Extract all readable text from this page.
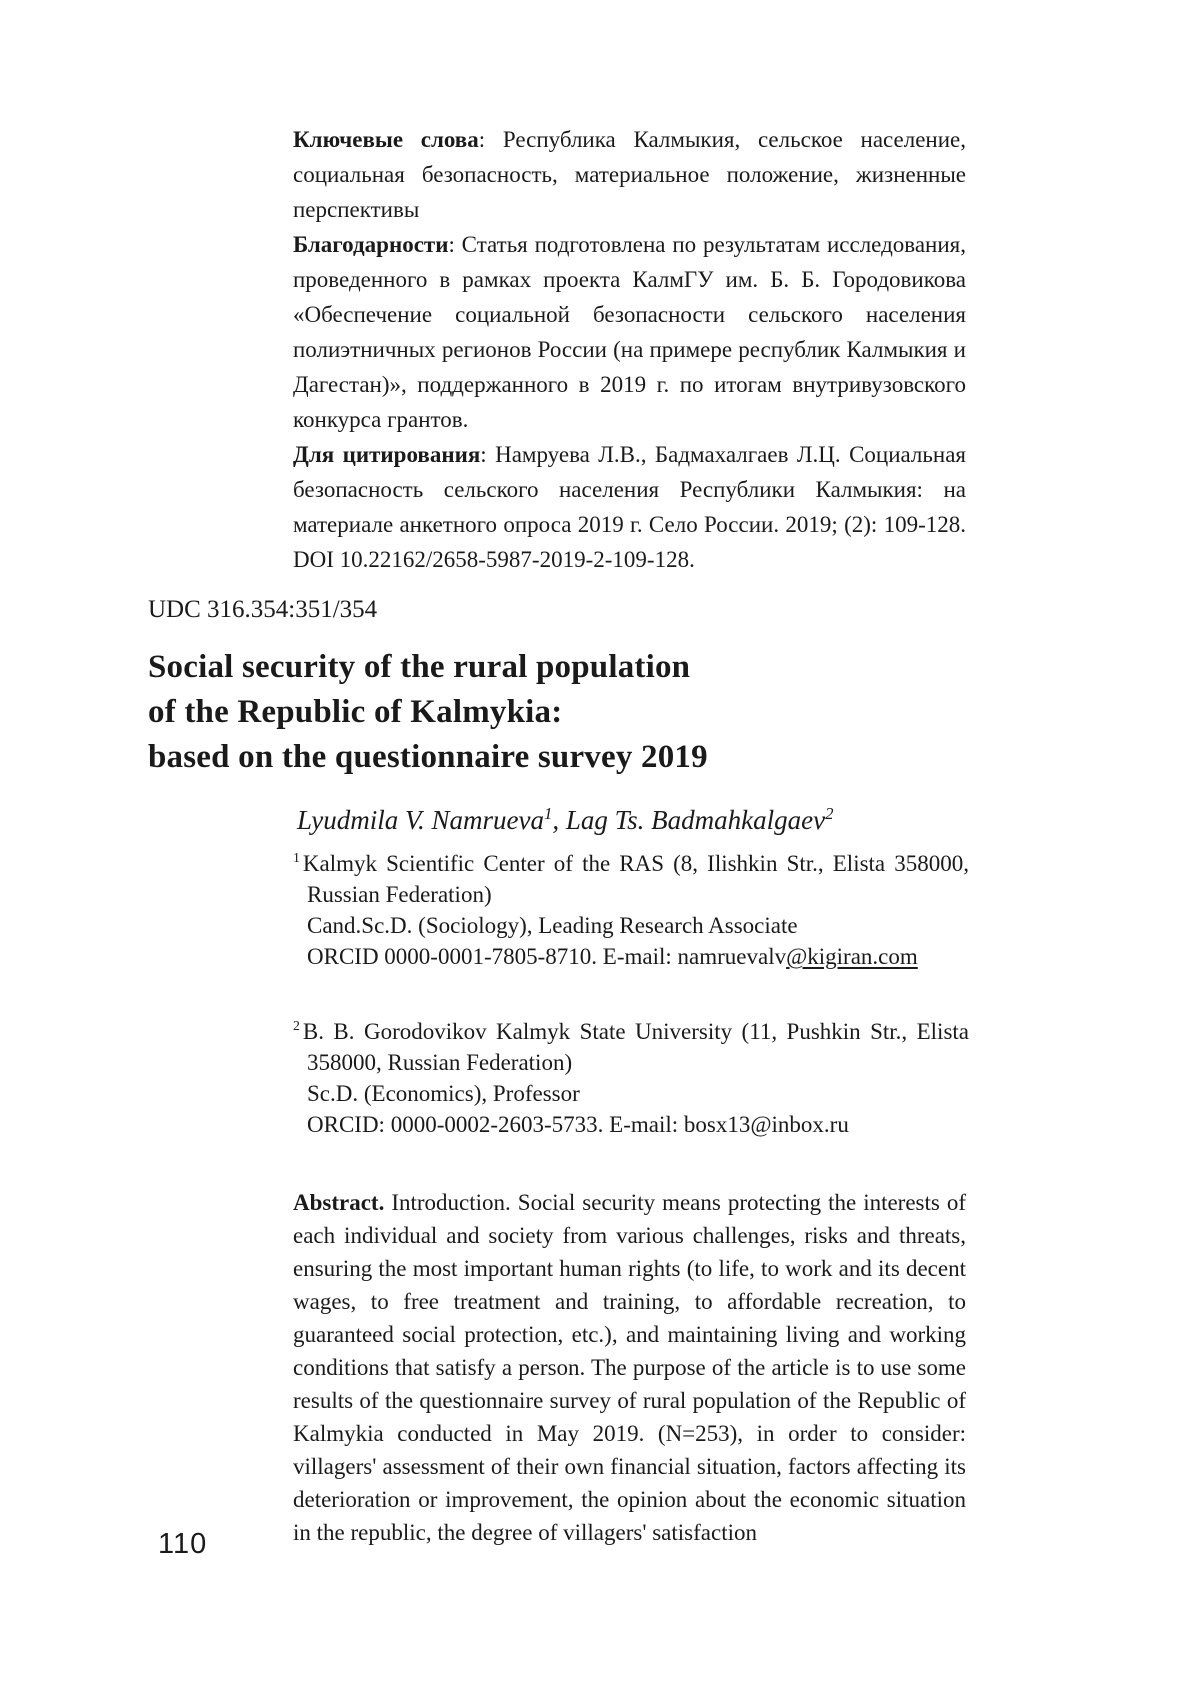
Ключевые слова: Республика Калмыкия, сельское население, социальная безопасность, материальное положение, жизненные перспективы

Благодарности: Статья подготовлена по результатам исследования, проведенного в рамках проекта КалмГУ им. Б. Б. Городовикова «Обеспечение социальной безопасности сельского населения полиэтничных регионов России (на примере республик Калмыкия и Дагестан)», поддержанного в 2019 г. по итогам внутривузовского конкурса грантов.

Для цитирования: Намруева Л.В., Бадмахалгаев Л.Ц. Социальная безопасность сельского населения Республики Калмыкия: на материале анкетного опроса 2019 г. Село России. 2019; (2): 109-128. DOI 10.22162/2658-5987-2019-2-109-128.

UDC 316.354:351/354
Social security of the rural population
of the Republic of Kalmykia:
based on the questionnaire survey 2019
Lyudmila V. Namrueva$^1$, Lag Ts. Badmahkalgaev$^2$

$^1$ Kalmyk Scientific Center of the RAS (8, Ilishkin Str., Elista 358000, Russian Federation)

Cand.Sc.D. (Sociology), Leading Research Associate

ORCID 0000-0001-7805-8710. E-mail: namruevalv@kigiran.com

$^2$ B. B. Gorodovikov Kalmyk State University (11, Pushkin Str., Elista 358000, Russian Federation)

Sc.D. (Economics), Professor

ORCID: 0000-0002-2603-5733. E-mail: bosx13@inbox.ru

Abstract. Introduction. Social security means protecting the interests of each individual and society from various challenges, risks and threats, ensuring the most important human rights (to life, to work and its decent wages, to free treatment and training, to affordable recreation, to guaranteed social protection, etc.), and maintaining living and working conditions that satisfy a person. The purpose of the article is to use some results of the questionnaire survey of rural population of the Republic of Kalmykia conducted in May 2019. (N=253), in order to consider: villagers' assessment of their own financial situation, factors affecting its deterioration or improvement, the opinion about the economic situation in the republic, the degree of villagers' satisfaction

110
